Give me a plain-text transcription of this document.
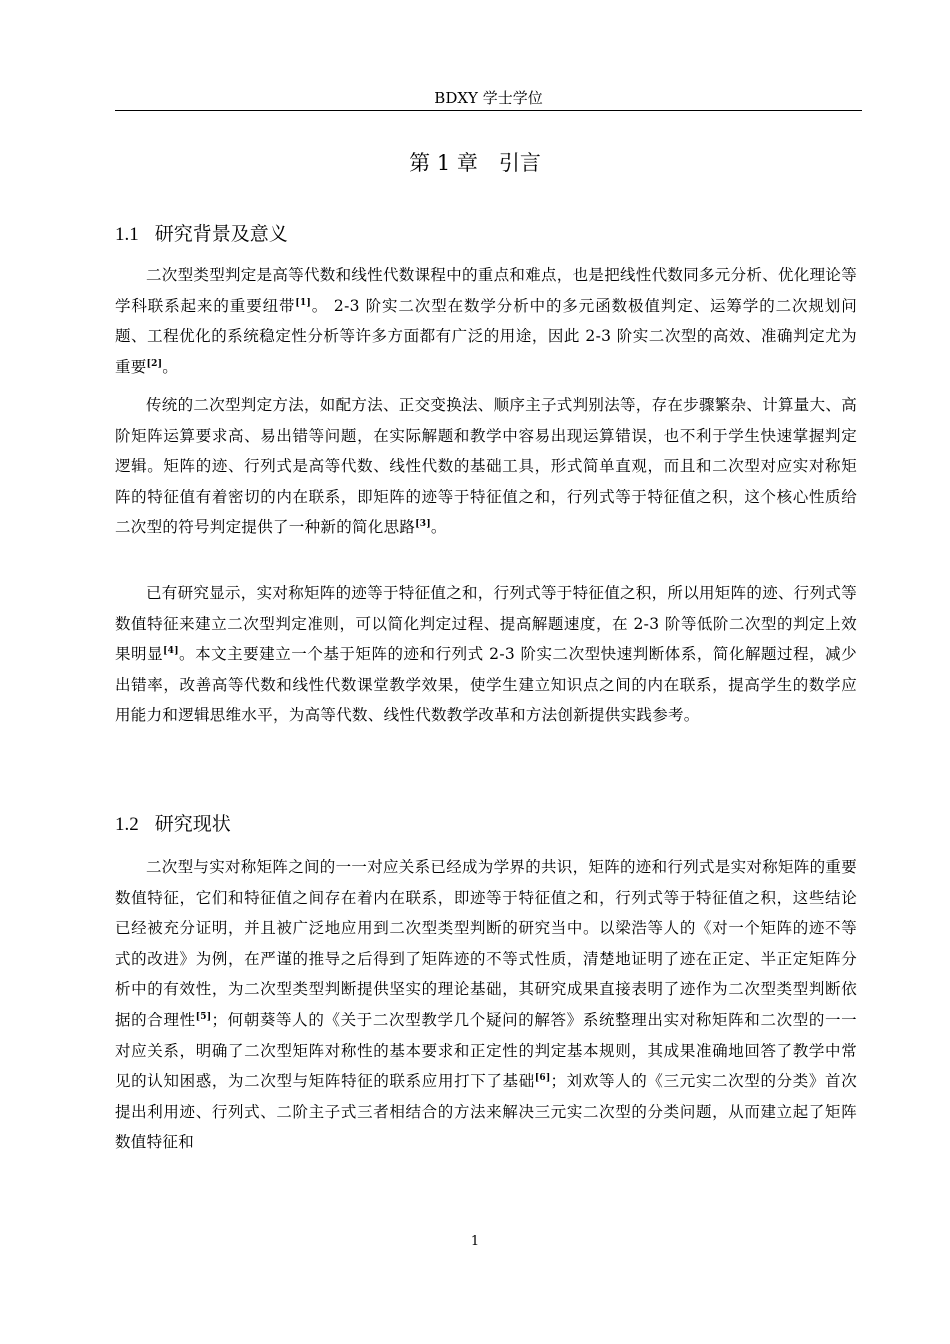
BDXY 学士学位
第 1 章　引言
1.1 研究背景及意义

二次型类型判定是高等代数和线性代数课程中的重点和难点，也是把线性代数同多元分析、优化理论等学科联系起来的重要纽带[1]。 2-3 阶实二次型在数学分析中的多元函数极值判定、运筹学的二次规划问题、工程优化的系统稳定性分析等许多方面都有广泛的用途，因此 2-3 阶实二次型的高效、准确判定尤为重要[2]。

传统的二次型判定方法，如配方法、正交变换法、顺序主子式判别法等，存在步骤繁杂、计算量大、高阶矩阵运算要求高、易出错等问题，在实际解题和教学中容易出现运算错误，也不利于学生快速掌握判定逻辑。矩阵的迹、行列式是高等代数、线性代数的基础工具，形式简单直观，而且和二次型对应实对称矩阵的特征值有着密切的内在联系，即矩阵的迹等于特征值之和，行列式等于特征值之积，这个核心性质给二次型的符号判定提供了一种新的简化思路[3]。

已有研究显示，实对称矩阵的迹等于特征值之和，行列式等于特征值之积，所以用矩阵的迹、行列式等数值特征来建立二次型判定准则，可以简化判定过程、提高解题速度，在 2-3 阶等低阶二次型的判定上效果明显[4]。本文主要建立一个基于矩阵的迹和行列式 2-3 阶实二次型快速判断体系，简化解题过程，减少出错率，改善高等代数和线性代数课堂教学效果，使学生建立知识点之间的内在联系，提高学生的数学应用能力和逻辑思维水平，为高等代数、线性代数教学改革和方法创新提供实践参考。

1.2 研究现状

二次型与实对称矩阵之间的一一对应关系已经成为学界的共识，矩阵的迹和行列式是实对称矩阵的重要数值特征，它们和特征值之间存在着内在联系，即迹等于特征值之和，行列式等于特征值之积，这些结论已经被充分证明，并且被广泛地应用到二次型类型判断的研究当中。以梁浩等人的《对一个矩阵的迹不等式的改进》为例，在严谨的推导之后得到了矩阵迹的不等式性质，清楚地证明了迹在正定、半正定矩阵分析中的有效性，为二次型类型判断提供坚实的理论基础，其研究成果直接表明了迹作为二次型类型判断依据的合理性[5]；何朝葵等人的《关于二次型教学几个疑问的解答》系统整理出实对称矩阵和二次型的一一对应关系，明确了二次型矩阵对称性的基本要求和正定性的判定基本规则，其成果准确地回答了教学中常见的认知困惑，为二次型与矩阵特征的联系应用打下了基础[6]；刘欢等人的《三元实二次型的分类》首次提出利用迹、行列式、二阶主子式三者相结合的方法来解决三元实二次型的分类问题，从而建立起了矩阵数值特征和

1
